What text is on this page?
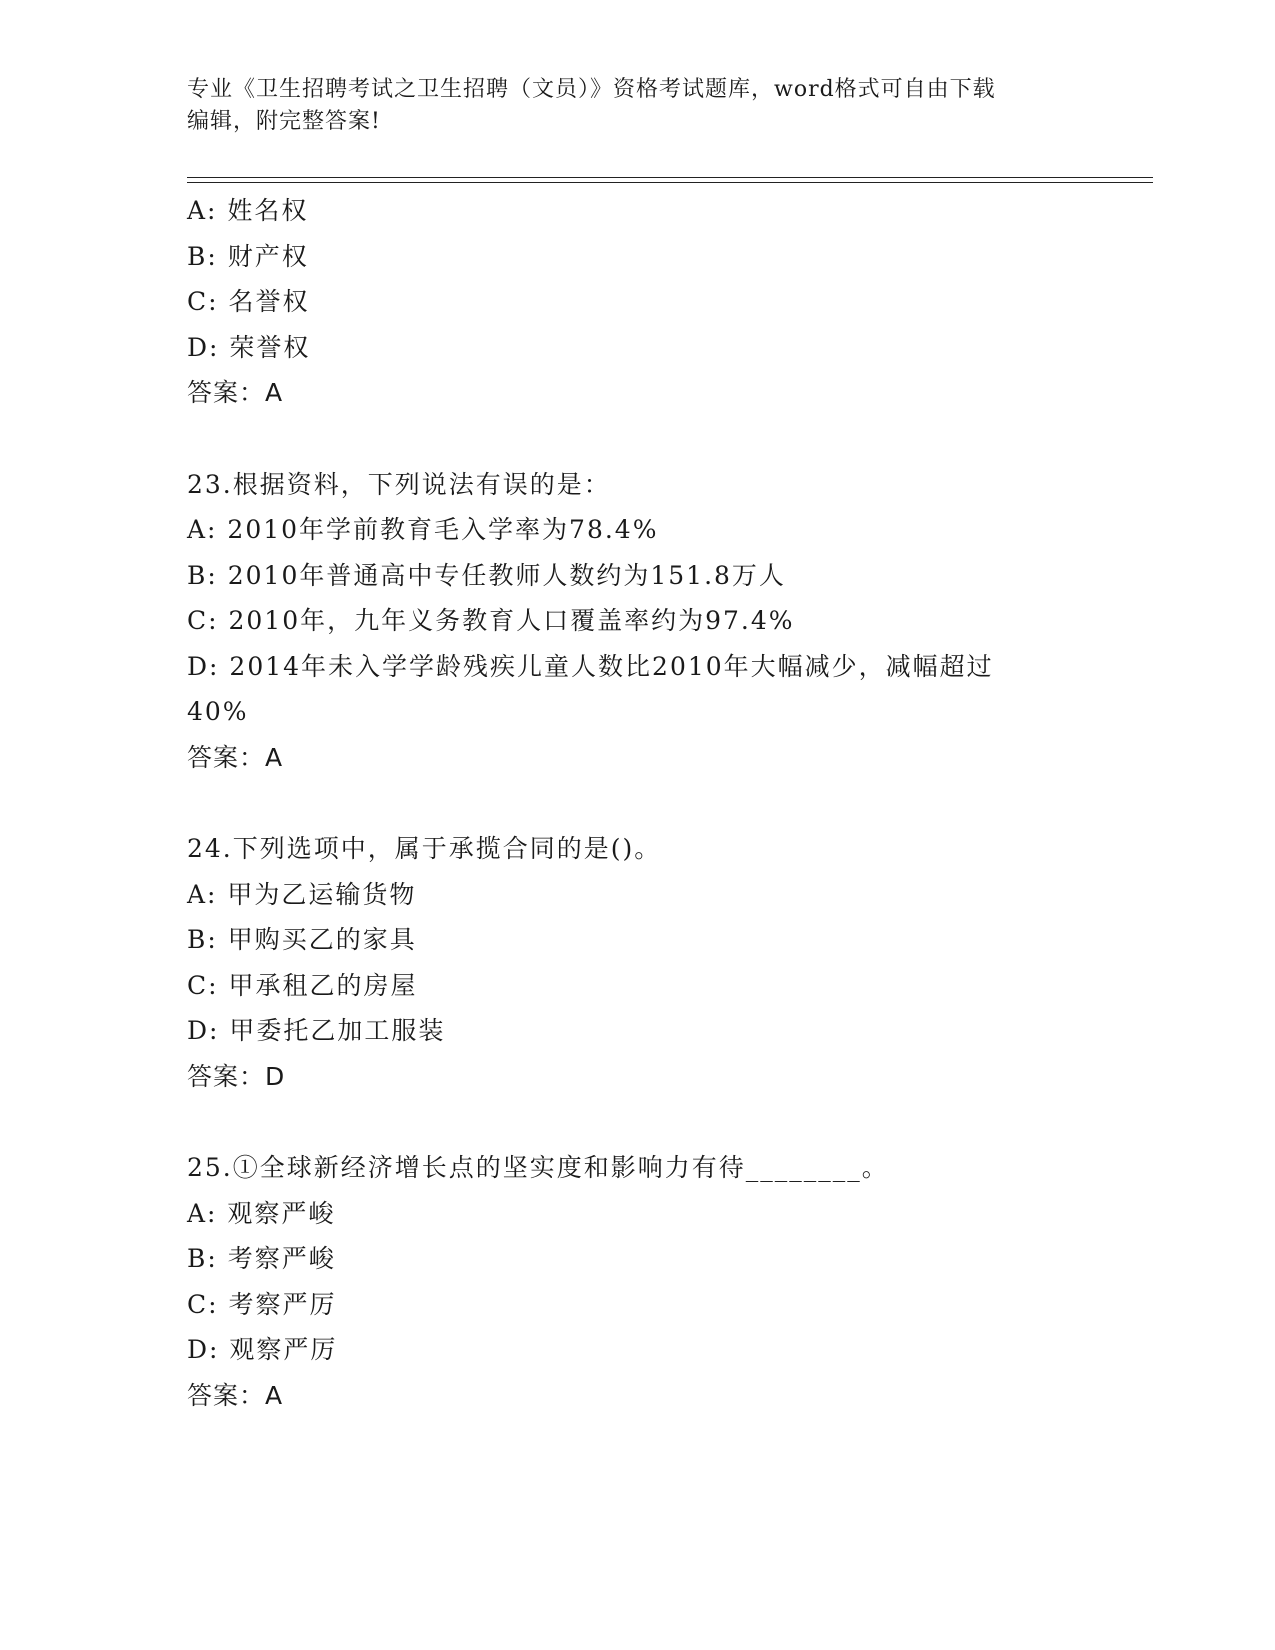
专业《卫生招聘考试之卫生招聘（文员）》资格考试题库，word格式可自由下载
编辑，附完整答案!
A: 姓名权
B: 财产权
C: 名誉权
D: 荣誉权
答案：A
23.根据资料，下列说法有误的是：
A: 2010年学前教育毛入学率为78.4%
B: 2010年普通高中专任教师人数约为151.8万人
C: 2010年，九年义务教育人口覆盖率约为97.4%
D: 2014年未入学学龄残疾儿童人数比2010年大幅减少，减幅超过
40%
答案：A
24.下列选项中，属于承揽合同的是()。
A: 甲为乙运输货物
B: 甲购买乙的家具
C: 甲承租乙的房屋
D: 甲委托乙加工服装
答案：D
25.①全球新经济增长点的坚实度和影响力有待________。
A: 观察严峻
B: 考察严峻
C: 考察严厉
D: 观察严厉
答案：A
